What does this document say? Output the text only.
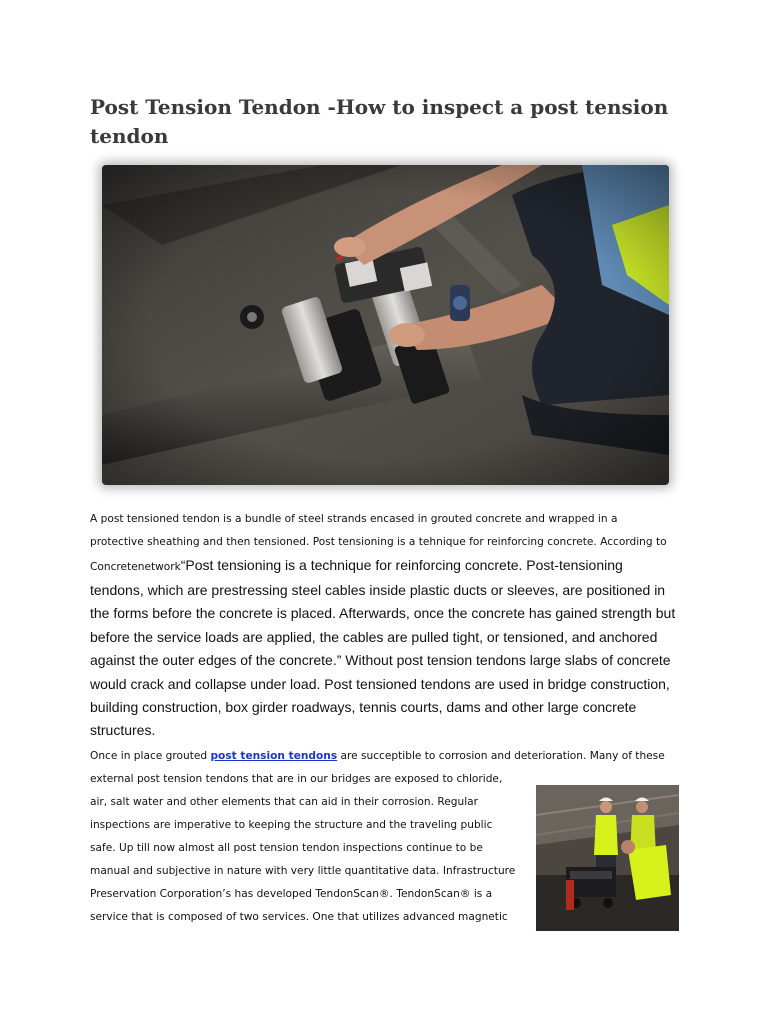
Post Tension Tendon -How to inspect a post tension tendon
A post tensioned tendon is a bundle of steel strands encased in grouted concrete and wrapped in a
protective sheathing and then tensioned. Post tensioning is a tehnique for reinforcing concrete. According to
Concretenetwork“Post tensioning is a technique for reinforcing concrete. Post-tensioning
tendons, which are prestressing steel cables inside plastic ducts or sleeves, are positioned in
the forms before the concrete is placed. Afterwards, once the concrete has gained strength but
before the service loads are applied, the cables are pulled tight, or tensioned, and anchored
against the outer edges of the concrete.” Without post tension tendons large slabs of concrete
would crack and collapse under load. Post tensioned tendons are used in bridge construction,
building construction, box girder roadways, tennis courts, dams and other large concrete
structures.
Once in place grouted post tension tendons are succeptible to corrosion and deterioration. Many of these
external post tension tendons that are in our bridges are exposed to chloride,
air, salt water and other elements that can aid in their corrosion. Regular
inspections are imperative to keeping the structure and the traveling public
safe. Up till now almost all post tension tendon inspections continue to be
manual and subjective in nature with very little quantitative data. Infrastructure
Preservation Corporation’s has developed TendonScan®. TendonScan® is a
service that is composed of two services. One that utilizes advanced magnetic
